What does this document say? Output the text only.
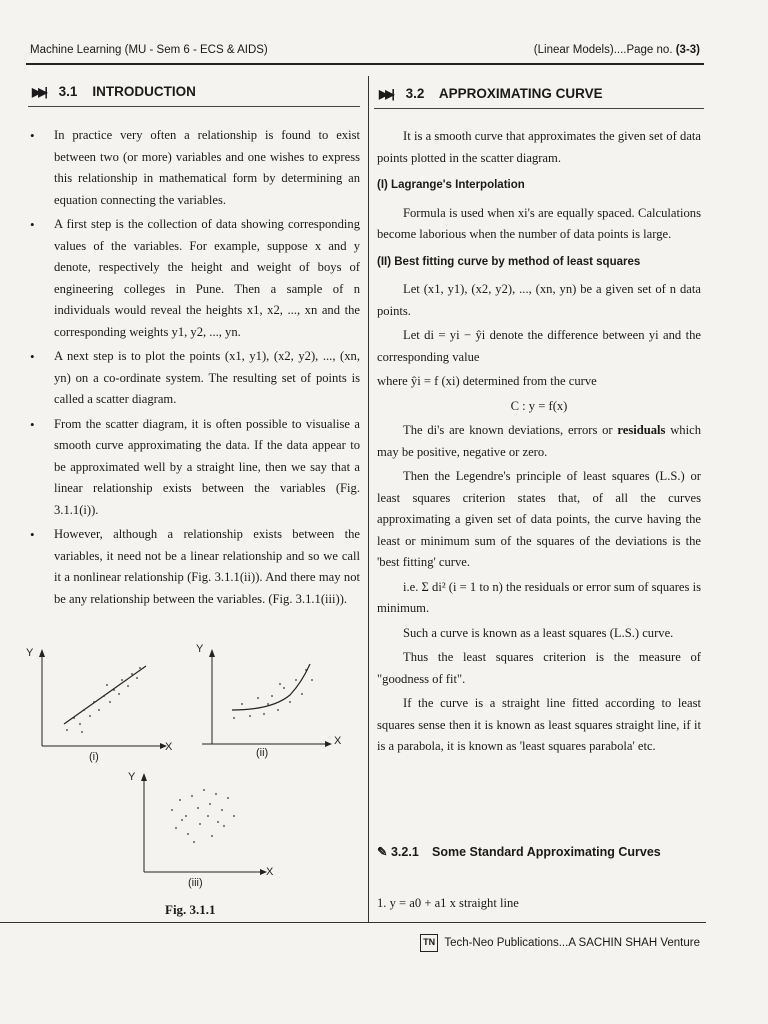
Machine Learning (MU - Sem 6 - ECS & AIDS)	(Linear Models)....Page no. (3-3)
▶▶| 3.1 INTRODUCTION	▶▶| 3.2 APPROXIMATING CURVE
• In practice very often a relationship is found to exist between two (or more) variables and one wishes to express this relationship in mathematical form by determining an equation connecting the variables.
• A first step is the collection of data showing corresponding values of the variables. For example, suppose x and y denote, respectively the height and weight of boys of engineering colleges in Pune. Then a sample of n individuals would reveal the heights x1, x2, ..., xn and the corresponding weights y1, y2, ..., yn.
• A next step is to plot the points (x1, y1), (x2, y2), ..., (xn, yn) on a co-ordinate system. The resulting set of points is called a scatter diagram.
• From the scatter diagram, it is often possible to visualise a smooth curve approximating the data. If the data appear to be approximated well by a straight line, then we say that a linear relationship exists between the variables (Fig. 3.1.1(i)).
• However, although a relationship exists between the variables, it need not be a linear relationship and so we call it a nonlinear relationship (Fig. 3.1.1(ii)). And there may not be any relationship between the variables. (Fig. 3.1.1(iii)).
Y
X
(i)
Y
X
(ii)
Y
X
(iii)
Fig. 3.1.1

It is a smooth curve that approximates the given set of data points plotted in the scatter diagram.

(I) Lagrange's Interpolation

Formula is used when xi's are equally spaced. Calculations become laborious when the number of data points is large.

(II) Best fitting curve by method of least squares

Let (x1, y1), (x2, y2), ..., (xn, yn) be a given set of n data points.

Let di = yi − ŷi denote the difference between yi and the corresponding value

where ŷi = f (xi) determined from the curve

C : y = f(x)

The di's are known deviations, errors or residuals which may be positive, negative or zero.

Then the Legendre's principle of least squares (L.S.) or least squares criterion states that, of all the curves approximating a given set of data points, the curve having the least or minimum sum of the squares of the deviations is the 'best fitting' curve.

i.e. Σ di² (i = 1 to n) the residuals or error sum of squares is minimum.

Such a curve is known as a least squares (L.S.) curve.

Thus the least squares criterion is the measure of "goodness of fit".

If the curve is a straight line fitted according to least squares sense then it is known as least squares straight line, if it is a parabola, it is known as 'least squares parabola' etc.

✎ 3.2.1 Some Standard Approximating Curves
1. y = a0 + a1 x straight line
TN Tech-Neo Publications...A SACHIN SHAH Venture
